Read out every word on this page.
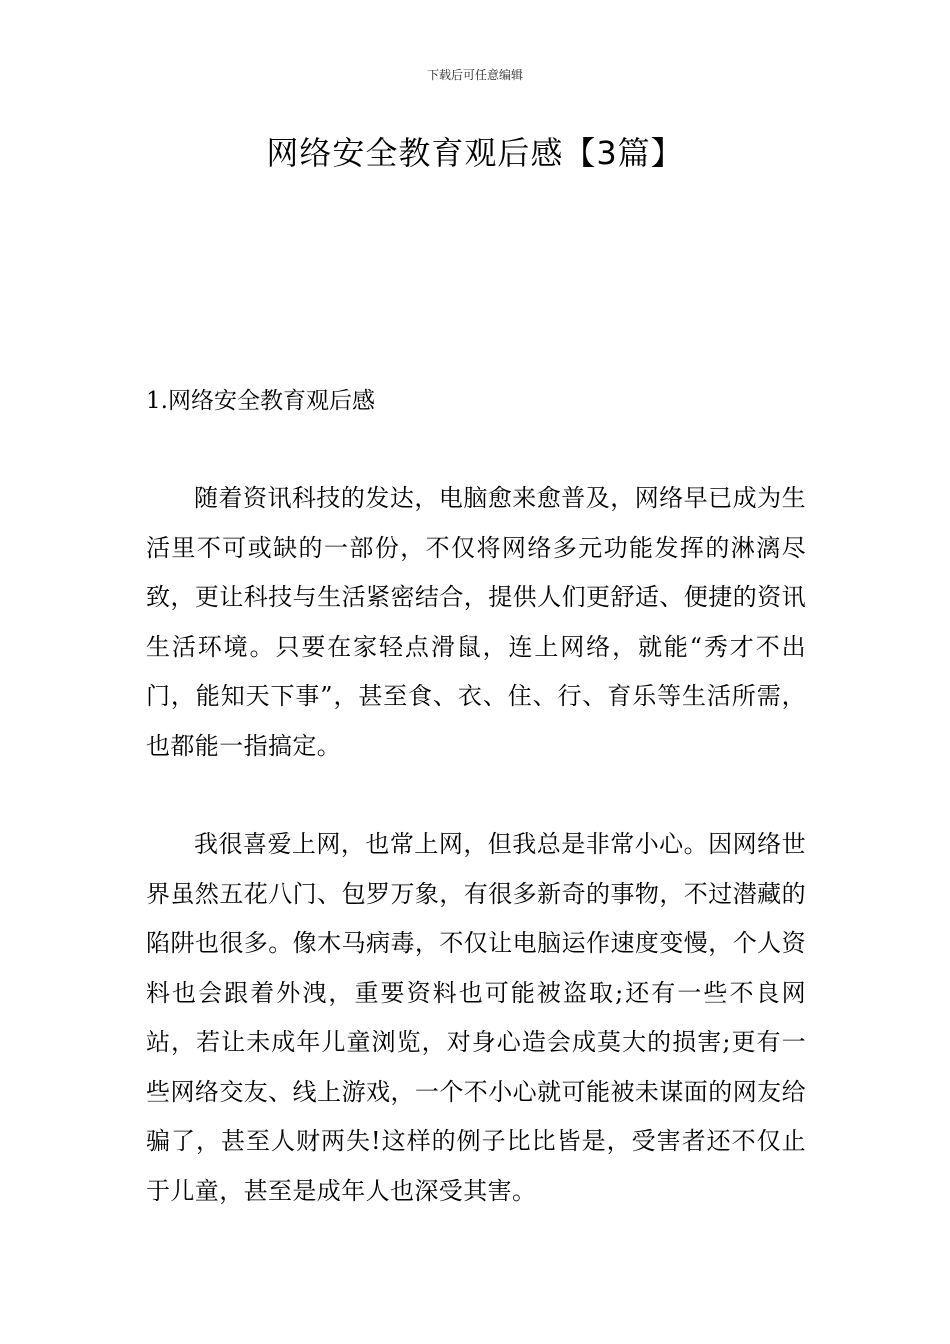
下载后可任意编辑
网络安全教育观后感【3篇】
1.网络安全教育观后感

随着资讯科技的发达，电脑愈来愈普及，网络早已成为生活里不可或缺的一部份，不仅将网络多元功能发挥的淋漓尽致，更让科技与生活紧密结合，提供人们更舒适、便捷的资讯生活环境。只要在家轻点滑鼠，连上网络，就能“秀才不出门，能知天下事”，甚至食、衣、住、行、育乐等生活所需，也都能一指搞定。

我很喜爱上网，也常上网，但我总是非常小心。因网络世界虽然五花八门、包罗万象，有很多新奇的事物，不过潜藏的陷阱也很多。像木马病毒，不仅让电脑运作速度变慢，个人资料也会跟着外洩，重要资料也可能被盗取;还有一些不良网站，若让未成年儿童浏览，对身心造会成莫大的损害;更有一些网络交友、线上游戏，一个不小心就可能被未谋面的网友给骗了，甚至人财两失!这样的例子比比皆是，受害者还不仅止于儿童，甚至是成年人也深受其害。
